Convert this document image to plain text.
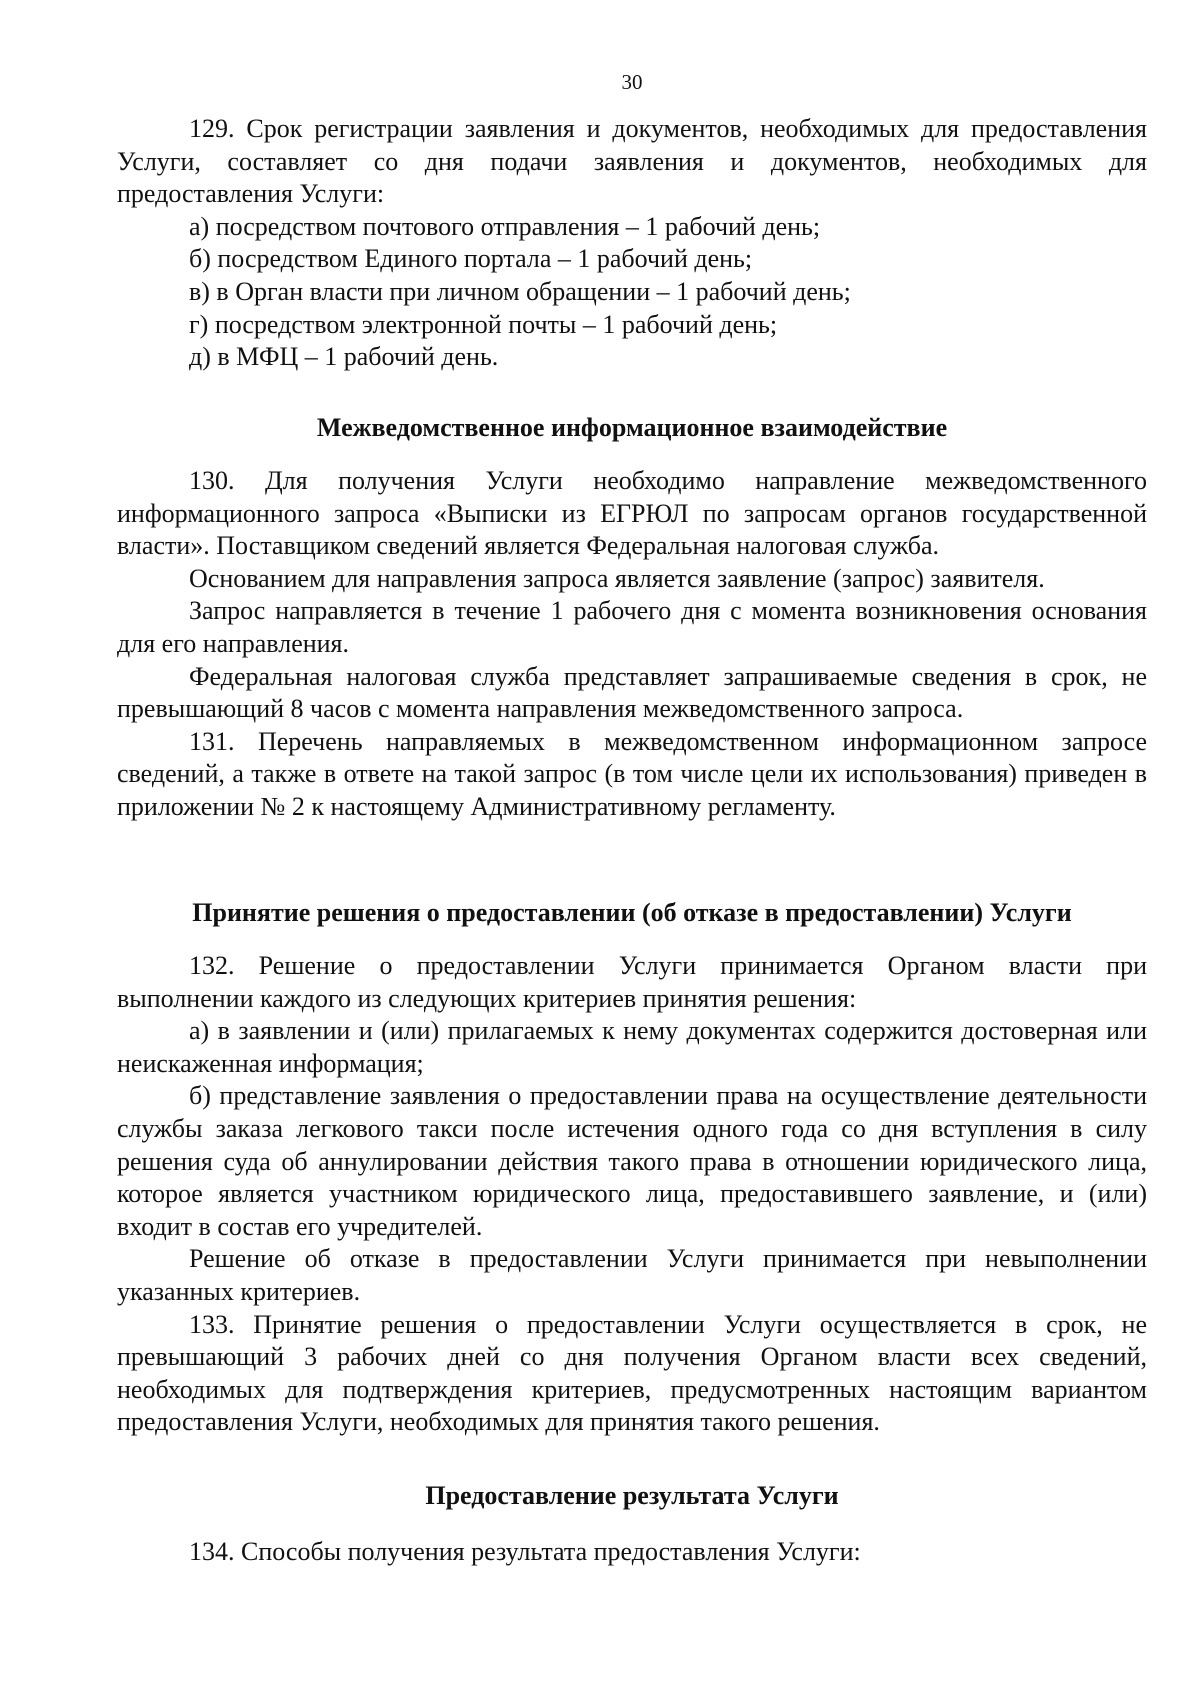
30

129. Срок регистрации заявления и документов, необходимых для предоставления Услуги, составляет со дня подачи заявления и документов, необходимых для предоставления Услуги:

а) посредством почтового отправления – 1 рабочий день;

б) посредством Единого портала – 1 рабочий день;

в) в Орган власти при личном обращении – 1 рабочий день;

г) посредством электронной почты – 1 рабочий день;

д) в МФЦ – 1 рабочий день.

Межведомственное информационное взаимодействие

130. Для получения Услуги необходимо направление межведомственного информационного запроса «Выписки из ЕГРЮЛ по запросам органов государственной власти». Поставщиком сведений является Федеральная налоговая служба.

Основанием для направления запроса является заявление (запрос) заявителя.

Запрос направляется в течение 1 рабочего дня с момента возникновения основания для его направления.

Федеральная налоговая служба представляет запрашиваемые сведения в срок, не превышающий 8 часов с момента направления межведомственного запроса.

131. Перечень направляемых в межведомственном информационном запросе сведений, а также в ответе на такой запрос (в том числе цели их использования) приведен в приложении № 2 к настоящему Административному регламенту.

Принятие решения о предоставлении (об отказе в предоставлении) Услуги

132. Решение о предоставлении Услуги принимается Органом власти при выполнении каждого из следующих критериев принятия решения:

а) в заявлении и (или) прилагаемых к нему документах содержится достоверная или неискаженная информация;

б) представление заявления о предоставлении права на осуществление деятельности службы заказа легкового такси после истечения одного года со дня вступления в силу решения суда об аннулировании действия такого права в отношении юридического лица, которое является участником юридического лица, предоставившего заявление, и (или) входит в состав его учредителей.

Решение об отказе в предоставлении Услуги принимается при невыполнении указанных критериев.

133. Принятие решения о предоставлении Услуги осуществляется в срок, не превышающий 3 рабочих дней со дня получения Органом власти всех сведений, необходимых для подтверждения критериев, предусмотренных настоящим вариантом предоставления Услуги, необходимых для принятия такого решения.

Предоставление результата Услуги

134. Способы получения результата предоставления Услуги:
